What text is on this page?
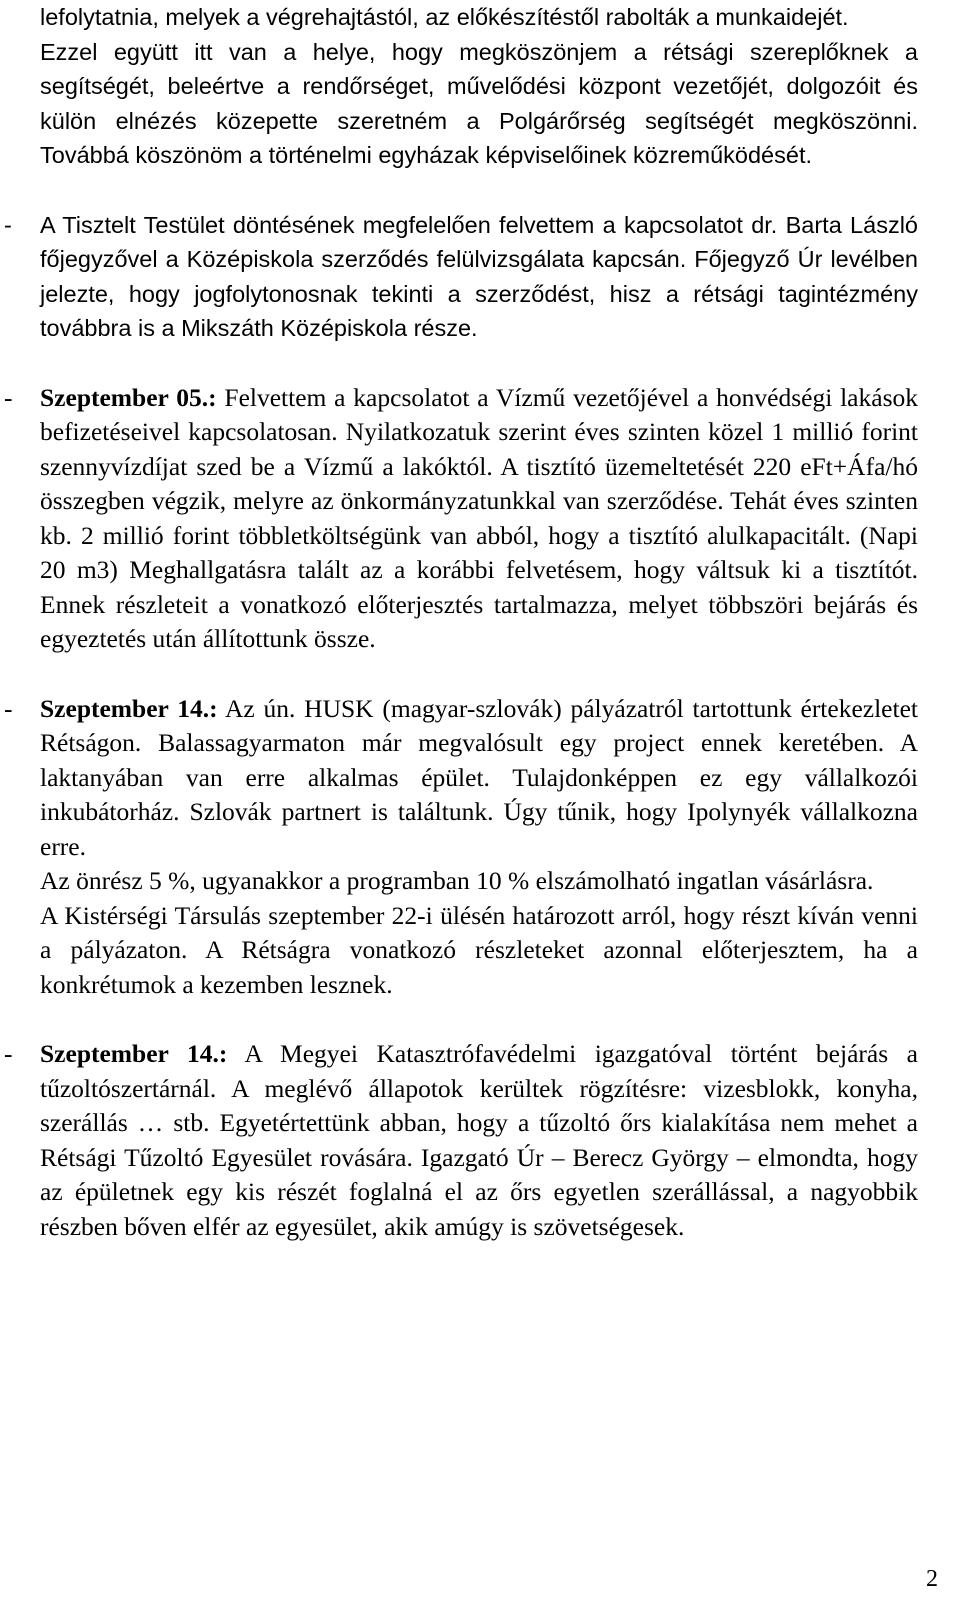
lefolytatnia, melyek a végrehajtástól, az előkészítéstől rabolták a munkaidejét.

Ezzel együtt itt van a helye, hogy megköszönjem a rétsági szereplőknek a segítségét, beleértve a rendőrséget, művelődési központ vezetőjét, dolgozóit és külön elnézés közepette szeretném a Polgárőrség segítségét megköszönni. Továbbá köszönöm a történelmi egyházak képviselőinek közreműködését.

- A Tisztelt Testület döntésének megfelelően felvettem a kapcsolatot dr. Barta László főjegyzővel a Középiskola szerződés felülvizsgálata kapcsán. Főjegyző Úr levélben jelezte, hogy jogfolytonosnak tekinti a szerződést, hisz a rétsági tagintézmény továbbra is a Mikszáth Középiskola része.
- Szeptember 05.: Felvettem a kapcsolatot a Vízmű vezetőjével a honvédségi lakások befizetéseivel kapcsolatosan. Nyilatkozatuk szerint éves szinten közel 1 millió forint szennyvízdíjat szed be a Vízmű a lakóktól. A tisztító üzemeltetését 220 eFt+Áfa/hó összegben végzik, melyre az önkormányzatunkkal van szerződése. Tehát éves szinten kb. 2 millió forint többletköltségünk van abból, hogy a tisztító alulkapacitált. (Napi 20 m3) Meghallgatásra talált az a korábbi felvetésem, hogy váltsuk ki a tisztítót. Ennek részleteit a vonatkozó előterjesztés tartalmazza, melyet többszöri bejárás és egyeztetés után állítottunk össze.
- Szeptember 14.: Az ún. HUSK (magyar-szlovák) pályázatról tartottunk értekezletet Rétságon. Balassagyarmaton már megvalósult egy project ennek keretében. A laktanyában van erre alkalmas épület. Tulajdonképpen ez egy vállalkozói inkubátorház. Szlovák partnert is találtunk. Úgy tűnik, hogy Ipolynyék vállalkozna erre.

Az önrész 5 %, ugyanakkor a programban 10 % elszámolható ingatlan vásárlásra.

A Kistérségi Társulás szeptember 22-i ülésén határozott arról, hogy részt kíván venni a pályázaton. A Rétságra vonatkozó részleteket azonnal előterjesztem, ha a konkrétumok a kezemben lesznek.

- Szeptember 14.: A Megyei Katasztrófavédelmi igazgatóval történt bejárás a tűzoltószertárnál. A meglévő állapotok kerültek rögzítésre: vizesblokk, konyha, szerállás … stb. Egyetértettünk abban, hogy a tűzoltó őrs kialakítása nem mehet a Rétsági Tűzoltó Egyesület rovására. Igazgató Úr – Berecz György – elmondta, hogy az épületnek egy kis részét foglalná el az őrs egyetlen szerállással, a nagyobbik részben bőven elfér az egyesület, akik amúgy is szövetségesek.
2
